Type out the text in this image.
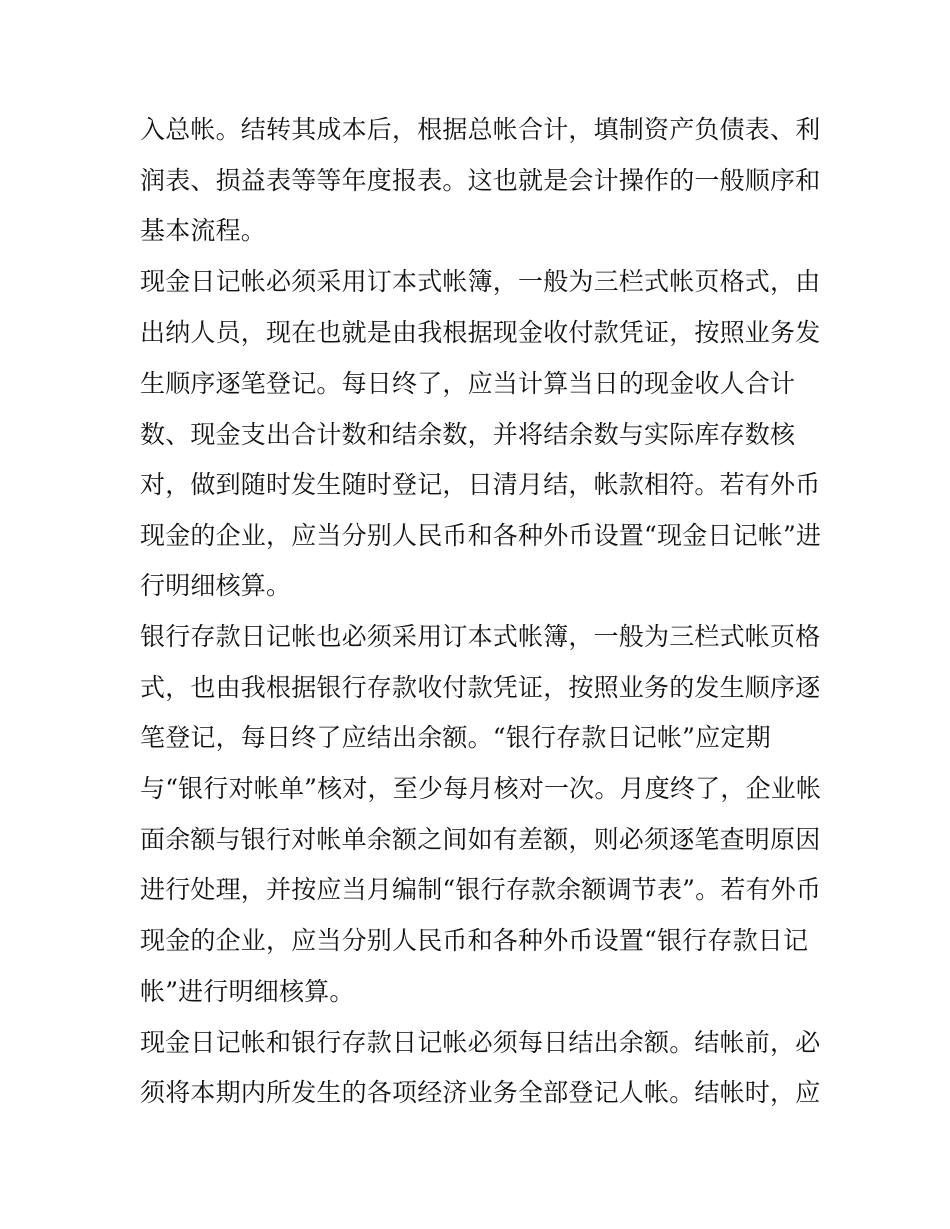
入总帐。结转其成本后，根据总帐合计，填制资产负债表、利
润表、损益表等等年度报表。这也就是会计操作的一般顺序和
基本流程。
现金日记帐必须采用订本式帐簿，一般为三栏式帐页格式，由
出纳人员，现在也就是由我根据现金收付款凭证，按照业务发
生顺序逐笔登记。每日终了，应当计算当日的现金收人合计
数、现金支出合计数和结余数，并将结余数与实际库存数核
对，做到随时发生随时登记，日清月结，帐款相符。若有外币
现金的企业，应当分别人民币和各种外币设置“现金日记帐”进
行明细核算。
银行存款日记帐也必须采用订本式帐簿，一般为三栏式帐页格
式，也由我根据银行存款收付款凭证，按照业务的发生顺序逐
笔登记，每日终了应结出余额。“银行存款日记帐”应定期
与“银行对帐单”核对，至少每月核对一次。月度终了，企业帐
面余额与银行对帐单余额之间如有差额，则必须逐笔查明原因
进行处理，并按应当月编制“银行存款余额调节表”。若有外币
现金的企业，应当分别人民币和各种外币设置“银行存款日记
帐”进行明细核算。
现金日记帐和银行存款日记帐必须每日结出余额。结帐前，必
须将本期内所发生的各项经济业务全部登记人帐。结帐时，应
